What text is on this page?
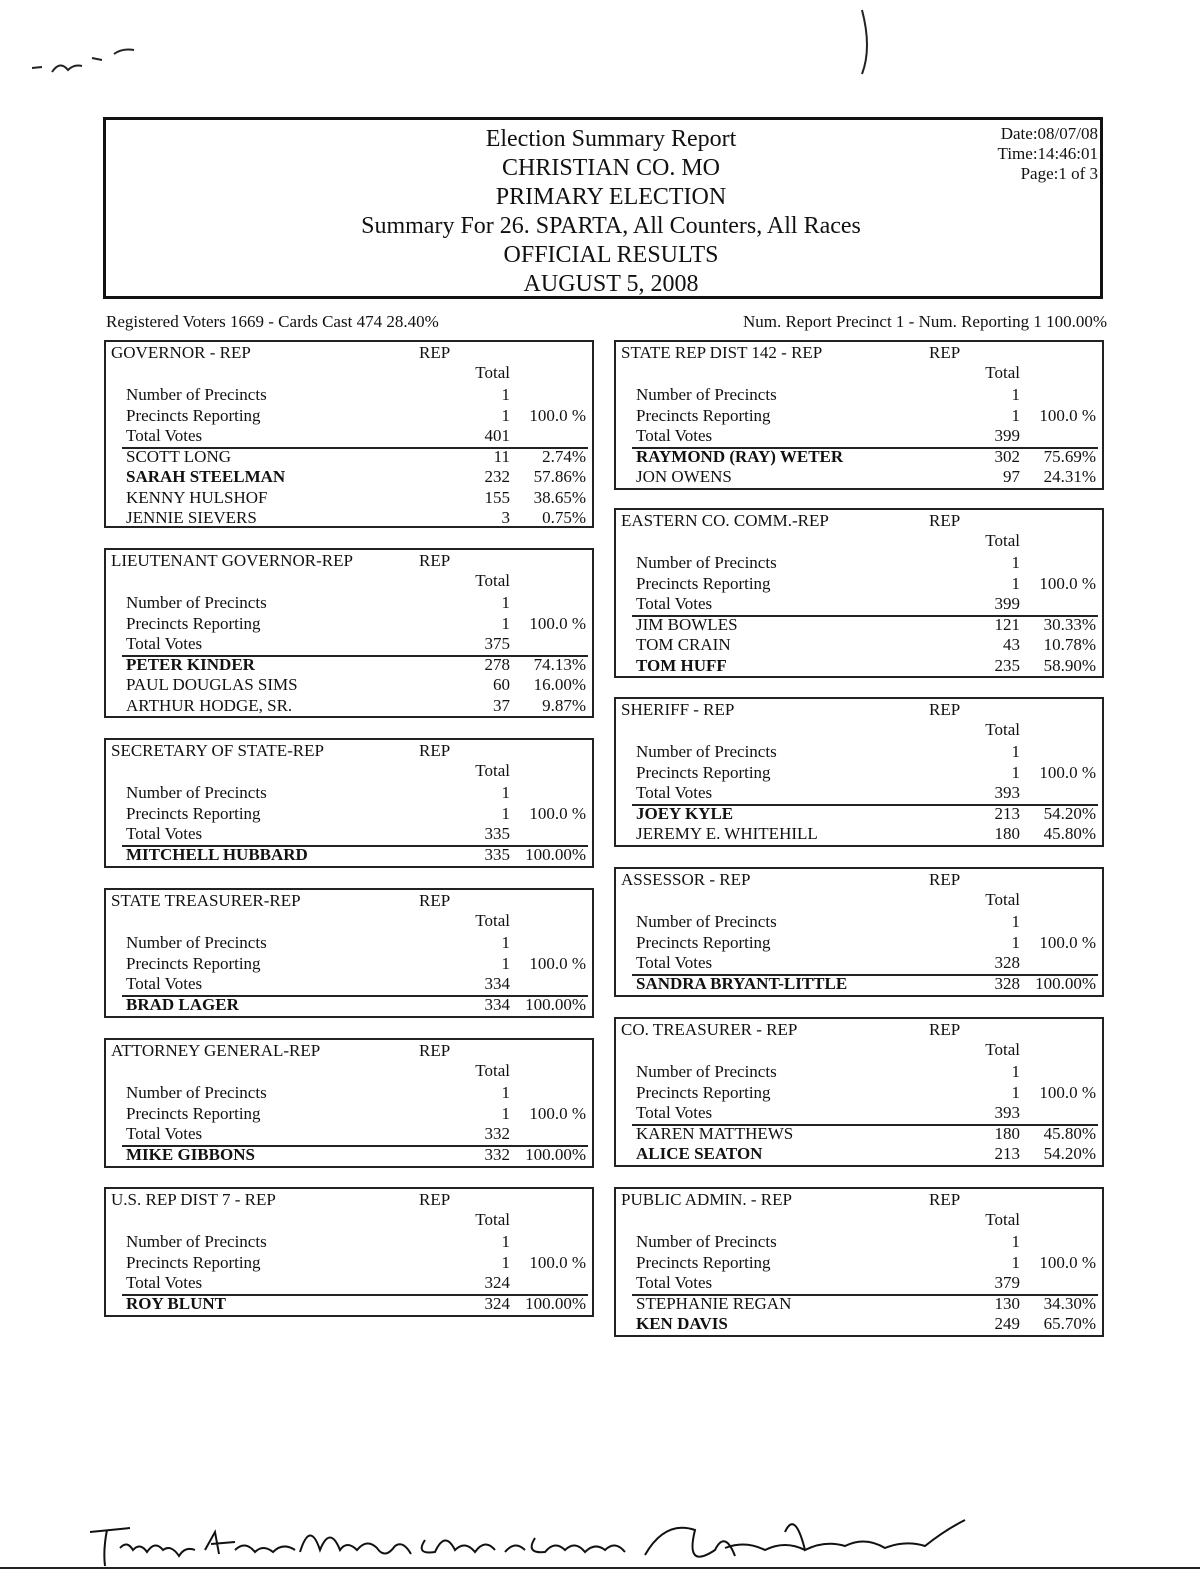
Election Summary Report
CHRISTIAN CO. MO
PRIMARY ELECTION
Summary For 26. SPARTA, All Counters, All Races
OFFICIAL RESULTS
AUGUST 5, 2008
Date:08/07/08
Time:14:46:01
Page:1 of 3
Registered Voters 1669 - Cards Cast 474 28.40%	Num. Report Precinct 1 - Num. Reporting 1 100.00%
GOVERNOR - REP	REP
Total
Number of Precincts	1
Precincts Reporting	1 100.0 %
Total Votes	401
SCOTT LONG	11 2.74%
SARAH STEELMAN	232 57.86%
KENNY HULSHOF	155 38.65%
JENNIE SIEVERS	3 0.75%
LIEUTENANT GOVERNOR-REP	REP
Total
Number of Precincts	1
Precincts Reporting	1 100.0 %
Total Votes	375
PETER KINDER	278 74.13%
PAUL DOUGLAS SIMS	60 16.00%
ARTHUR HODGE, SR.	37 9.87%
SECRETARY OF STATE-REP	REP
Total
Number of Precincts	1
Precincts Reporting	1 100.0 %
Total Votes	335
MITCHELL HUBBARD	335 100.00%
STATE TREASURER-REP	REP
Total
Number of Precincts	1
Precincts Reporting	1 100.0 %
Total Votes	334
BRAD LAGER	334 100.00%
ATTORNEY GENERAL-REP	REP
Total
Number of Precincts	1
Precincts Reporting	1 100.0 %
Total Votes	332
MIKE GIBBONS	332 100.00%
U.S. REP DIST 7 - REP	REP
Total
Number of Precincts	1
Precincts Reporting	1 100.0 %
Total Votes	324
ROY BLUNT	324 100.00%
STATE REP DIST 142 - REP	REP
Total
Number of Precincts	1
Precincts Reporting	1 100.0 %
Total Votes	399
RAYMOND (RAY) WETER	302 75.69%
JON OWENS	97 24.31%
EASTERN CO. COMM.-REP	REP
Total
Number of Precincts	1
Precincts Reporting	1 100.0 %
Total Votes	399
JIM BOWLES	121 30.33%
TOM CRAIN	43 10.78%
TOM HUFF	235 58.90%
SHERIFF - REP	REP
Total
Number of Precincts	1
Precincts Reporting	1 100.0 %
Total Votes	393
JOEY KYLE	213 54.20%
JEREMY E. WHITEHILL	180 45.80%
ASSESSOR - REP	REP
Total
Number of Precincts	1
Precincts Reporting	1 100.0 %
Total Votes	328
SANDRA BRYANT-LITTLE	328 100.00%
CO. TREASURER - REP	REP
Total
Number of Precincts	1
Precincts Reporting	1 100.0 %
Total Votes	393
KAREN MATTHEWS	180 45.80%
ALICE SEATON	213 54.20%
PUBLIC ADMIN. - REP	REP
Total
Number of Precincts	1
Precincts Reporting	1 100.0 %
Total Votes	379
STEPHANIE REGAN	130 34.30%
KEN DAVIS	249 65.70%
